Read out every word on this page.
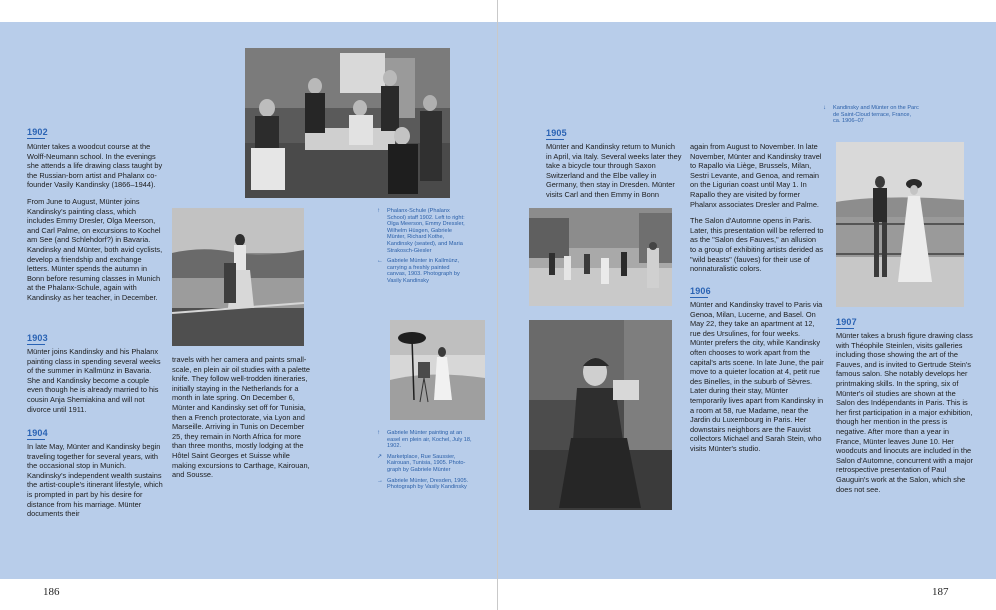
1902

Münter takes a woodcut course at the Wolff-Neumann school. In the evenings she attends a life drawing class taught by the Russian-born artist and Phalanx co-founder Vasily Kandinsky (1866–1944).

From June to August, Münter joins Kandinsky's painting class, which includes Emmy Dresler, Olga Meerson, and Carl Palme, on excursions to Kochel am See (and Schlehdorf?) in Bavaria. Kandinsky and Münter, both avid cyclists, develop a friendship and exchange letters. Münter spends the autumn in Bonn before resuming classes in Munich at the Phalanx-Schule, again with Kandinsky as her teacher, in December.

1903

Münter joins Kandinsky and his Phalanx painting class in spending several weeks of the summer in Kallmünz in Bavaria. She and Kandinsky become a couple even though he is already married to his cousin Anja Shemiakina and will not divorce until 1911.

1904

In late May, Münter and Kandinsky begin traveling together for several years, with the occasional stop in Munich. Kandinsky's independent wealth sustains the artist-couple's itinerant lifestyle, which is prompted in part by his desire for distance from his marriage. Münter documents their

travels with her camera and paints small-scale, en plein air oil studies with a palette knife. They follow well-trodden itineraries, initially staying in the Netherlands for a month in late spring. On December 6, Münter and Kandinsky set off for Tunisia, then a French protectorate, via Lyon and Marseille. Arriving in Tunis on December 25, they remain in North Africa for more than three months, mostly lodging at the Hôtel Saint Georges et Suisse while making excursions to Carthage, Kairouan, and Sousse.

↑ Phalanx-Schule (Phalanx School) staff 1902. Left to right: Olga Meerson, Emmy Dressler, Wilhelm Hüsgen, Gabriele Münter, Richard Kothe, Kandinsky (seated), and Maria Strakosch-Giesler
← Gabriele Münter in Kallmünz, carrying a freshly painted canvas, 1903. Photograph by Vasily Kandinsky
↑ Gabriele Münter painting at an easel en plein air, Kochel, July 18, 1902.
↗ Marketplace, Rue Saussier, Kairouan, Tunisia, 1905. Photo-graph by Gabriele Münter
→ Gabriele Münter, Dresden, 1905. Photograph by Vasily Kandinsky
186
1905

Münter and Kandinsky return to Munich in April, via Italy. Several weeks later they take a bicycle tour through Saxon Switzerland and the Elbe valley in Germany, then stay in Dresden. Münter visits Carl and then Emmy in Bonn

again from August to November. In late November, Münter and Kandinsky travel to Rapallo via Liège, Brussels, Milan, Sestri Levante, and Genoa, and remain on the Ligurian coast until May 1. In Rapallo they are visited by former Phalanx associates Dresler and Palme.

The Salon d'Automne opens in Paris. Later, this presentation will be referred to as the "Salon des Fauves," an allusion to a group of exhibiting artists derided as "wild beasts" (fauves) for their use of nonnaturalistic colors.

1906

Münter and Kandinsky travel to Paris via Genoa, Milan, Lucerne, and Basel. On May 22, they take an apartment at 12, rue des Ursulines, for four weeks. Münter prefers the city, while Kandinsky often chooses to work apart from the capital's arts scene. In late June, the pair move to a quieter location at 4, petit rue des Binelles, in the suburb of Sèvres. Later during their stay, Münter temporarily lives apart from Kandinsky in a room at 58, rue Madame, near the Jardin du Luxembourg in Paris. Her downstairs neighbors are the Fauvist collectors Michael and Sarah Stein, who visits Münter's studio.

↓ Kandinsky and Münter on the Parc de Saint-Cloud terrace, France, ca. 1906–07
1907

Münter takes a brush figure drawing class with Théophile Steinlen, visits galleries including those showing the art of the Fauves, and is invited to Gertrude Stein's famous salon. She notably develops her printmaking skills. In the spring, six of Münter's oil studies are shown at the Salon des Indépendants in Paris. This is her first participation in a major exhibition, though her mention in the press is negative. After more than a year in France, Münter leaves June 10. Her woodcuts and linocuts are included in the Salon d'Automne, concurrent with a major retrospective presentation of Paul Gauguin's work at the Salon, which she does not see.

187
